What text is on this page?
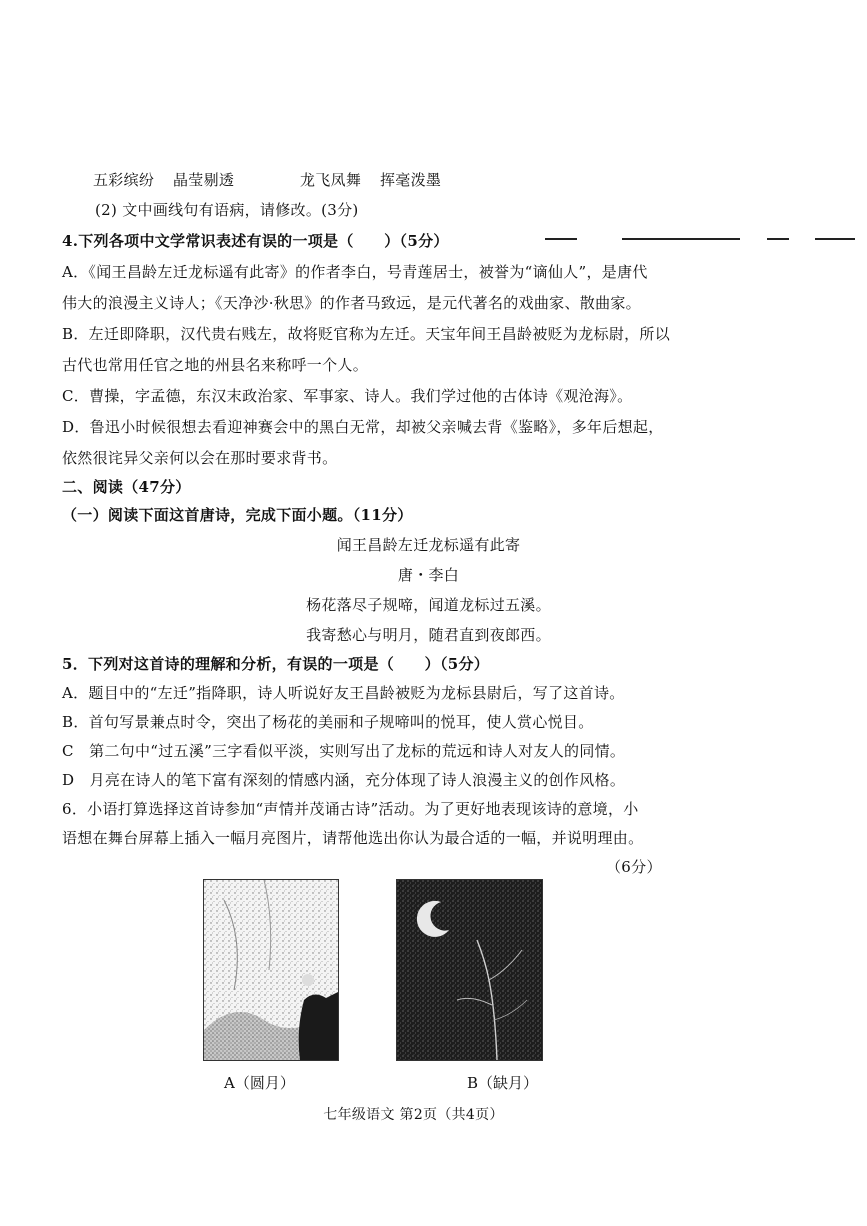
五彩缤纷 晶莹剔透	龙飞凤舞 挥毫泼墨
(2) 文中画线句有语病，请修改。(3分)
4.下列各项中文学常识表述有误的一项是（　　）（5分）
A．《闻王昌龄左迁龙标遥有此寄》的作者李白，号青莲居士，被誉为“谪仙人”，是唐代
伟大的浪漫主义诗人；《天净沙·秋思》的作者马致远，是元代著名的戏曲家、散曲家。
B．左迁即降职，汉代贵右贱左，故将贬官称为左迁。天宝年间王昌龄被贬为龙标尉，所以
古代也常用任官之地的州县名来称呼一个人。
C．曹操，字孟德，东汉末政治家、军事家、诗人。我们学过他的古体诗《观沧海》。
D．鲁迅小时候很想去看迎神赛会中的黑白无常，却被父亲喊去背《鉴略》，多年后想起，
依然很诧异父亲何以会在那时要求背书。
二、阅读（47分）
（一）阅读下面这首唐诗，完成下面小题。（11分）
闻王昌龄左迁龙标遥有此寄
唐・李白
杨花落尽子规啼，闻道龙标过五溪。
我寄愁心与明月，随君直到夜郎西。
5．下列对这首诗的理解和分析，有误的一项是（　　）（5分）
A．题目中的“左迁”指降职，诗人听说好友王昌龄被贬为龙标县尉后，写了这首诗。
B．首句写景兼点时令，突出了杨花的美丽和子规啼叫的悦耳，使人赏心悦目。
C　第二句中“过五溪”三字看似平淡，实则写出了龙标的荒远和诗人对友人的同情。
D　月亮在诗人的笔下富有深刻的情感内涵，充分体现了诗人浪漫主义的创作风格。
6．小语打算选择这首诗参加“声情并茂诵古诗”活动。为了更好地表现该诗的意境，小
语想在舞台屏幕上插入一幅月亮图片，请帮他选出你认为最合适的一幅，并说明理由。
（6分）
A（圆月）	B（缺月）
七年级语文 第2页（共4页）
